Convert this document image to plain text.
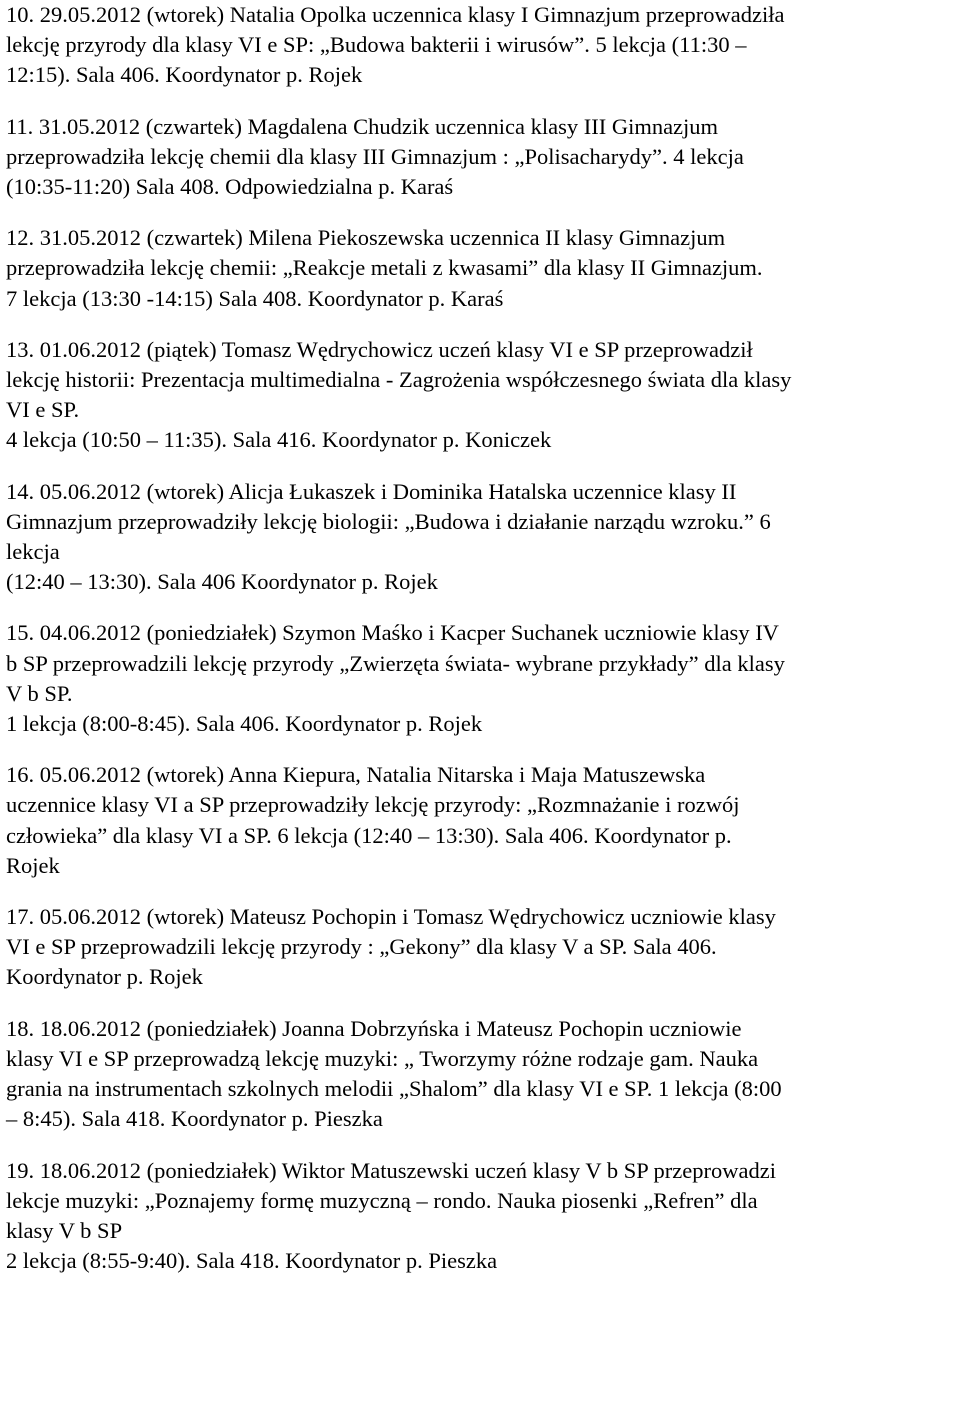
10. 29.05.2012 (wtorek) Natalia Opolka uczennica klasy I Gimnazjum przeprowadziła
lekcję przyrody dla klasy VI e SP: „Budowa bakterii i wirusów”. 5 lekcja (11:30 –
12:15). Sala 406. Koordynator p. Rojek
11. 31.05.2012 (czwartek) Magdalena Chudzik uczennica klasy III Gimnazjum
przeprowadziła lekcję chemii dla klasy III Gimnazjum : „Polisacharydy”. 4 lekcja
(10:35-11:20) Sala 408. Odpowiedzialna p. Karaś
12. 31.05.2012 (czwartek) Milena Piekoszewska uczennica II klasy Gimnazjum
przeprowadziła lekcję chemii: „Reakcje metali z kwasami” dla klasy II Gimnazjum.
7 lekcja (13:30 -14:15) Sala 408. Koordynator p. Karaś
13. 01.06.2012 (piątek) Tomasz Wędrychowicz uczeń klasy VI e SP przeprowadził
lekcję historii: Prezentacja multimedialna - Zagrożenia współczesnego świata dla klasy
VI e SP.
4 lekcja (10:50 – 11:35). Sala 416. Koordynator p. Koniczek
14. 05.06.2012 (wtorek) Alicja Łukaszek i Dominika Hatalska uczennice klasy II
Gimnazjum przeprowadziły lekcję biologii: „Budowa i działanie narządu wzroku.” 6
lekcja
(12:40 – 13:30). Sala 406 Koordynator p. Rojek
15. 04.06.2012 (poniedziałek) Szymon Maśko i Kacper Suchanek uczniowie klasy IV
b SP przeprowadzili lekcję przyrody „Zwierzęta świata- wybrane przykłady” dla klasy
V b SP.
1 lekcja (8:00-8:45). Sala 406. Koordynator p. Rojek
16. 05.06.2012 (wtorek) Anna Kiepura, Natalia Nitarska i Maja Matuszewska
uczennice klasy VI a SP przeprowadziły lekcję przyrody: „Rozmnażanie i rozwój
człowieka” dla klasy VI a SP. 6 lekcja (12:40 – 13:30). Sala 406. Koordynator p.
Rojek
17. 05.06.2012 (wtorek) Mateusz Pochopin i Tomasz Wędrychowicz uczniowie klasy
VI e SP przeprowadzili lekcję przyrody : „Gekony” dla klasy V a SP. Sala 406.
Koordynator p. Rojek
18. 18.06.2012 (poniedziałek) Joanna Dobrzyńska i Mateusz Pochopin uczniowie
klasy VI e SP przeprowadzą lekcję muzyki: „ Tworzymy różne rodzaje gam. Nauka
grania na instrumentach szkolnych melodii „Shalom” dla klasy VI e SP. 1 lekcja (8:00
– 8:45). Sala 418. Koordynator p. Pieszka
19. 18.06.2012 (poniedziałek) Wiktor Matuszewski uczeń klasy V b SP przeprowadzi
lekcje muzyki: „Poznajemy formę muzyczną – rondo. Nauka piosenki „Refren” dla
klasy V b SP
2 lekcja (8:55-9:40). Sala 418. Koordynator p. Pieszka
